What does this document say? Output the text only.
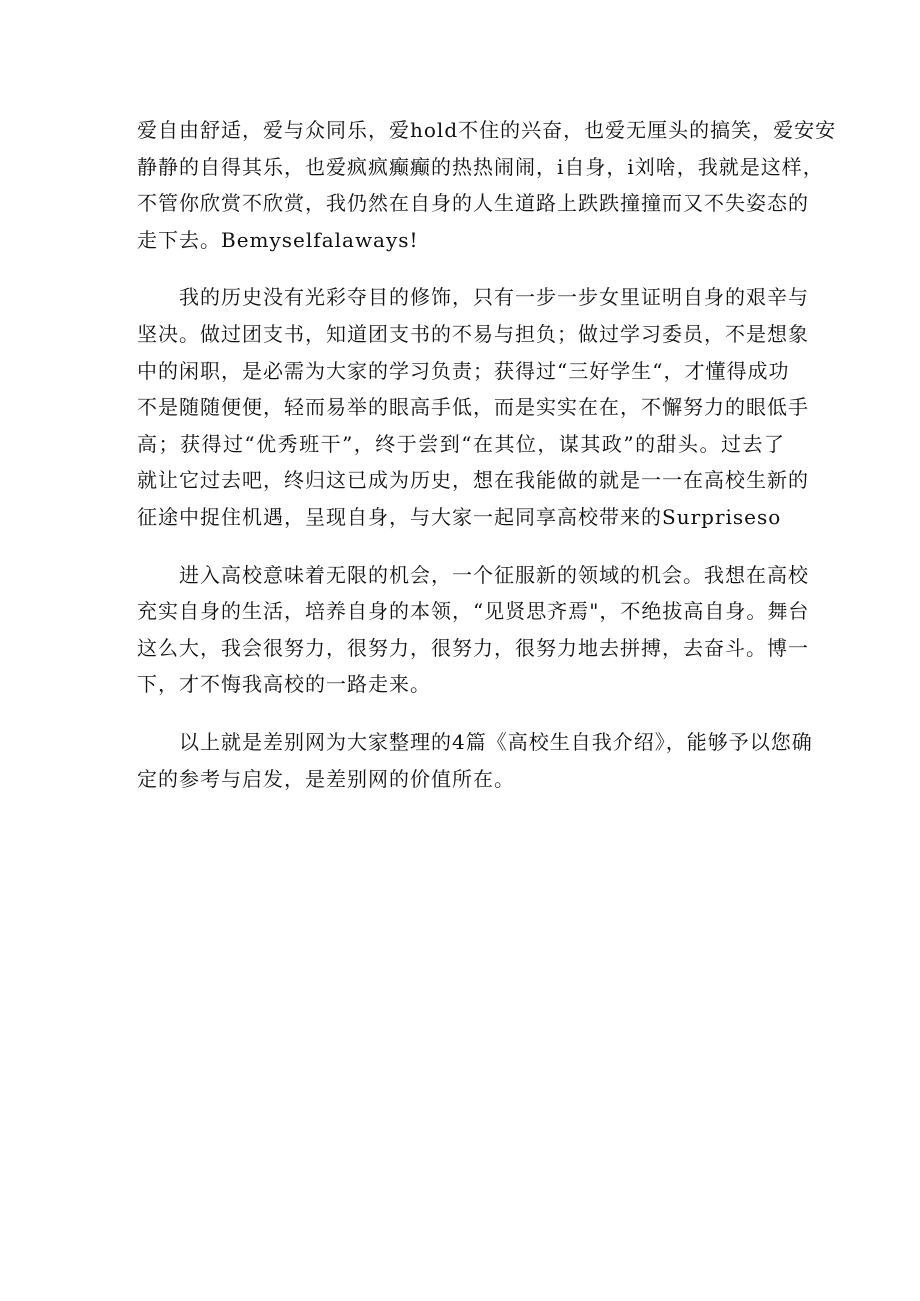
爱自由舒适，爱与众同乐，爱hold不住的兴奋，也爱无厘头的搞笑，爱安安
静静的自得其乐，也爱疯疯癫癫的热热闹闹，i自身，i刘啥，我就是这样，
不管你欣赏不欣赏，我仍然在自身的人生道路上跌跌撞撞而又不失姿态的
走下去。Bemyselfalaways!
我的历史没有光彩夺目的修饰，只有一步一步女里证明自身的艰辛与
坚决。做过团支书，知道团支书的不易与担负；做过学习委员，不是想象
中的闲职，是必需为大家的学习负责；获得过“三好学生“，才懂得成功
不是随随便便，轻而易举的眼高手低，而是实实在在，不懈努力的眼低手
高；获得过“优秀班干”，终于尝到“在其位，谋其政”的甜头。过去了
就让它过去吧，终归这已成为历史，想在我能做的就是一一在高校生新的
征途中捉住机遇，呈现自身，与大家一起同享高校带来的Surpriseso
进入高校意味着无限的机会，一个征服新的领域的机会。我想在高校
充实自身的生活，培养自身的本领，“见贤思齐焉"，不绝拔高自身。舞台
这么大，我会很努力，很努力，很努力，很努力地去拼搏，去奋斗。博一
下，才不悔我高校的一路走来。
以上就是差别网为大家整理的4篇《高校生自我介绍》，能够予以您确
定的参考与启发，是差别网的价值所在。
